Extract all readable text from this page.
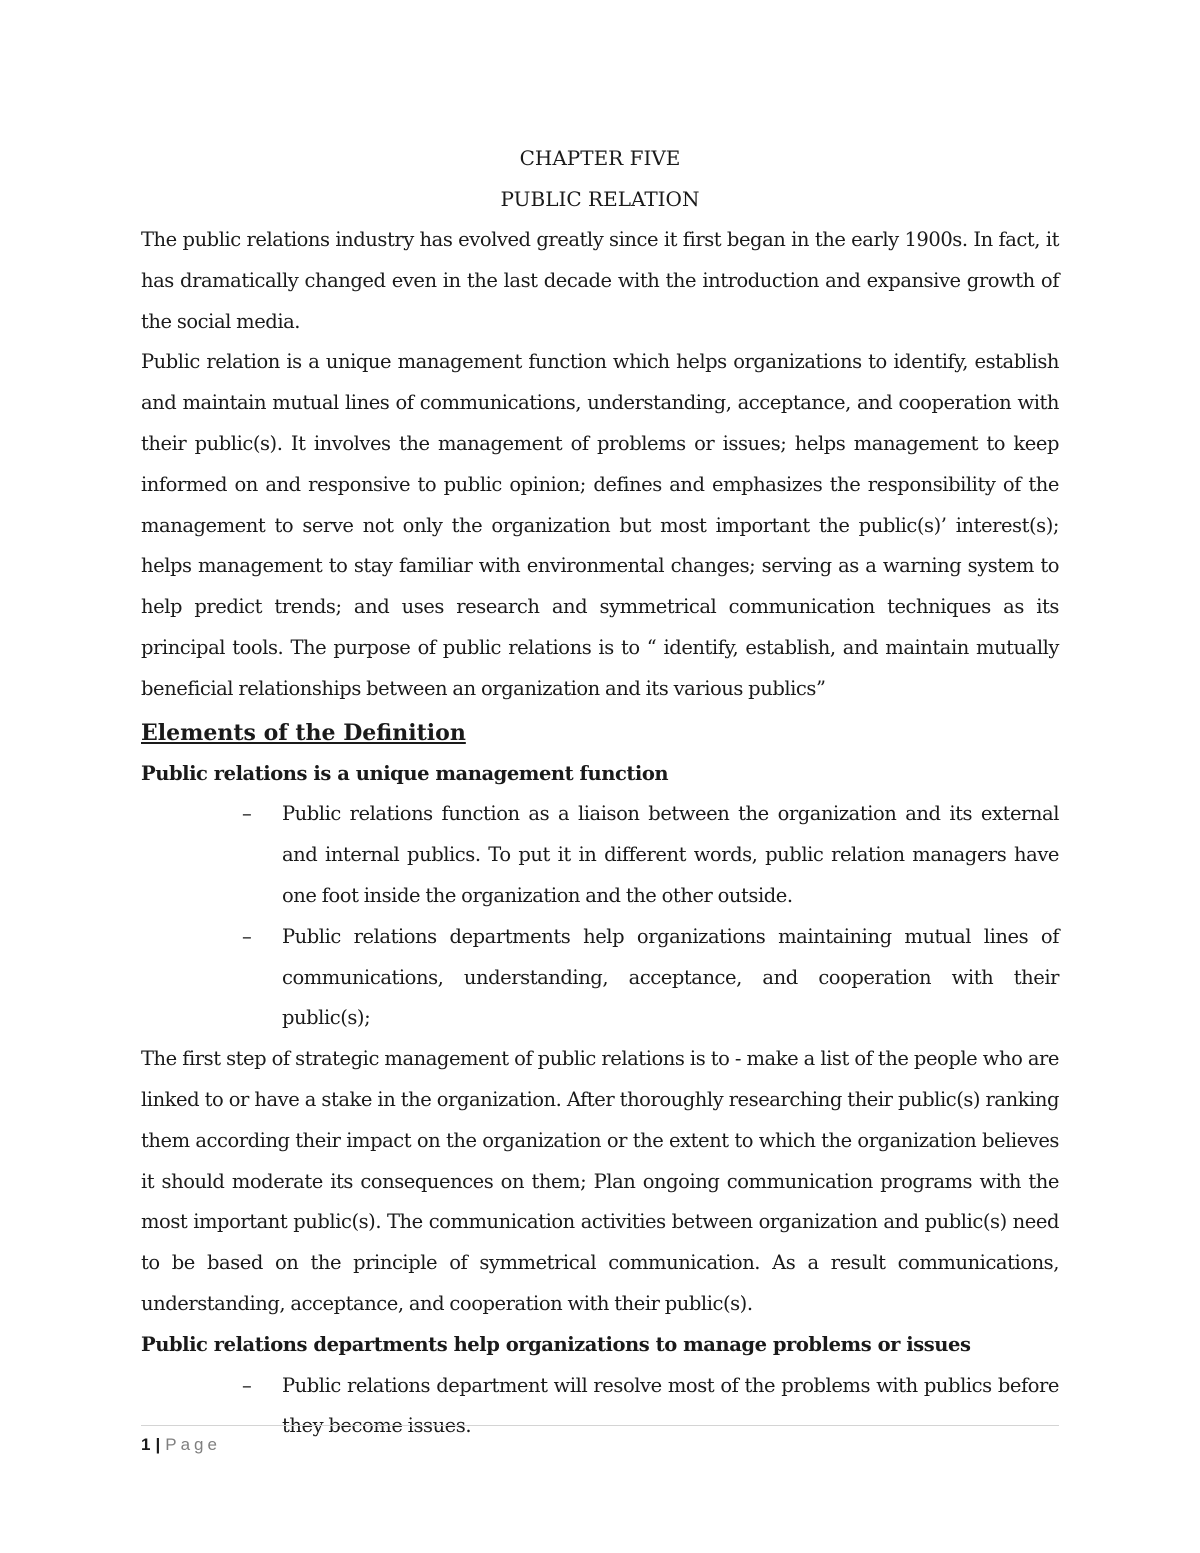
CHAPTER FIVE
PUBLIC RELATION

The public relations industry has evolved greatly since it first began in the early 1900s. In fact, it has dramatically changed even in the last decade with the introduction and expansive growth of the social media.

Public relation is a unique management function which helps organizations to identify, establish and maintain mutual lines of communications, understanding, acceptance, and cooperation with their public(s). It involves the management of problems or issues; helps management to keep informed on and responsive to public opinion; defines and emphasizes the responsibility of the management to serve not only the organization but most important the public(s)’ interest(s); helps management to stay familiar with environmental changes; serving as a warning system to help predict trends; and uses research and symmetrical communication techniques as its principal tools. The purpose of public relations is to “ identify, establish, and maintain mutually beneficial relationships between an organization and its various publics”

Elements of the Definition
Public relations is a unique management function
–	Public relations function as a liaison between the organization and its external and internal publics. To put it in different words, public relation managers have one foot inside the organization and the other outside.
–	Public relations departments help organizations maintaining mutual lines of communications, understanding, acceptance, and cooperation with their public(s);

The first step of strategic management of public relations is to - make a list of the people who are linked to or have a stake in the organization. After thoroughly researching their public(s) ranking them according their impact on the organization or the extent to which the organization believes it should moderate its consequences on them; Plan ongoing communication programs with the most important public(s). The communication activities between organization and public(s) need to be based on the principle of symmetrical communication. As a result communications, understanding, acceptance, and cooperation with their public(s).

Public relations departments help organizations to manage problems or issues
–	Public relations department will resolve most of the problems with publics before they become issues.
1 | Page
